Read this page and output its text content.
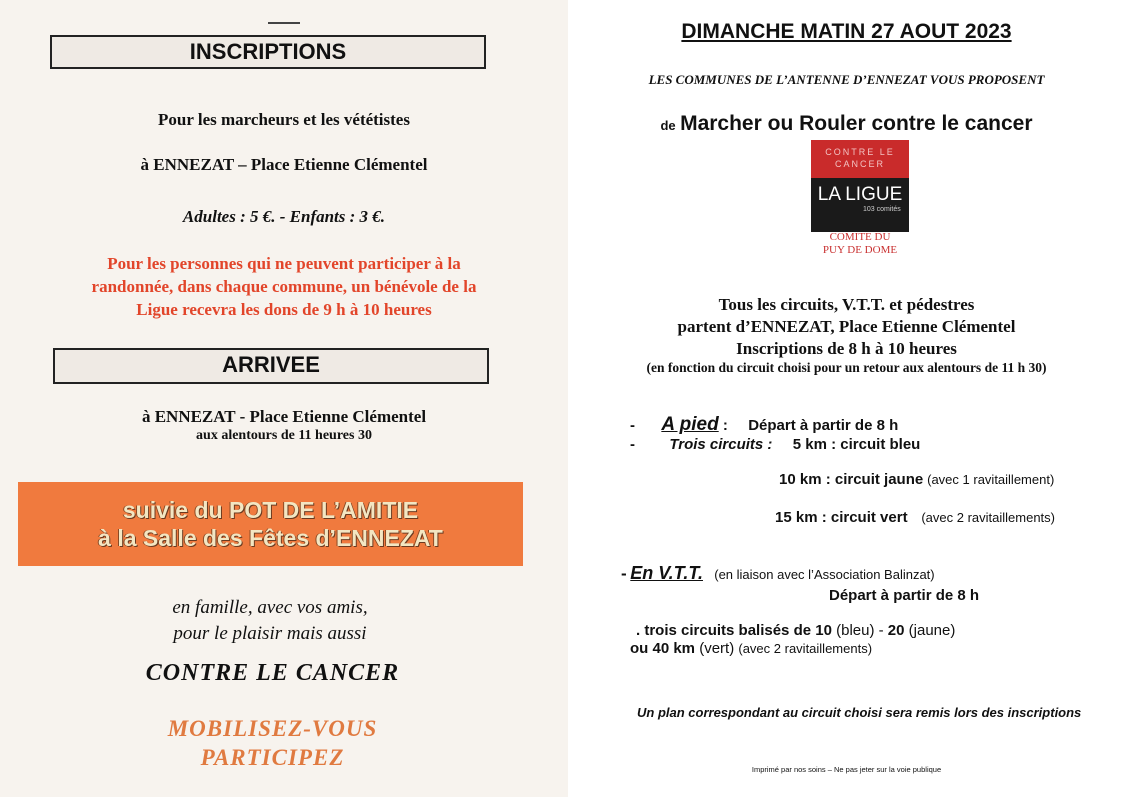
INSCRIPTIONS
Pour les marcheurs et les vététistes
à ENNEZAT – Place Etienne Clémentel
Adultes : 5 €. - Enfants : 3 €.
Pour les personnes qui ne peuvent participer à la
randonnée, dans chaque commune, un bénévole de la
Ligue recevra les dons de 9 h à 10 heures
ARRIVEE
à ENNEZAT - Place Etienne Clémentel
aux alentours de 11 heures 30
suivie du POT DE L’AMITIE
à la Salle des Fêtes d’ENNEZAT
en famille, avec vos amis,
pour le plaisir mais aussi
CONTRE LE CANCER
MOBILISEZ-VOUS
PARTICIPEZ
DIMANCHE MATIN 27 AOUT 2023
LES COMMUNES DE L’ANTENNE D’ENNEZAT VOUS PROPOSENT
de Marcher ou Rouler contre le cancer
CONTRE LE CANCER
LA LIGUE
103 comités
COMITE DU
PUY DE DOME
Tous les circuits, V.T.T. et pédestres
partent d’ENNEZAT, Place Etienne Clémentel
Inscriptions de 8 h à 10 heures
(en fonction du circuit choisi pour un retour aux alentours de 11 h 30)
- A pied : Départ à partir de 8 h
- Trois circuits : 5 km : circuit bleu
10 km : circuit jaune (avec 1 ravitaillement)
15 km : circuit vert (avec 2 ravitaillements)
- En V.T.T. (en liaison avec l’Association Balinzat)
Départ à partir de 8 h
. trois circuits balisés de 10 (bleu) - 20 (jaune)
ou 40 km (vert) (avec 2 ravitaillements)
Un plan correspondant au circuit choisi sera remis lors des inscriptions
Imprimé par nos soins – Ne pas jeter sur la voie publique
